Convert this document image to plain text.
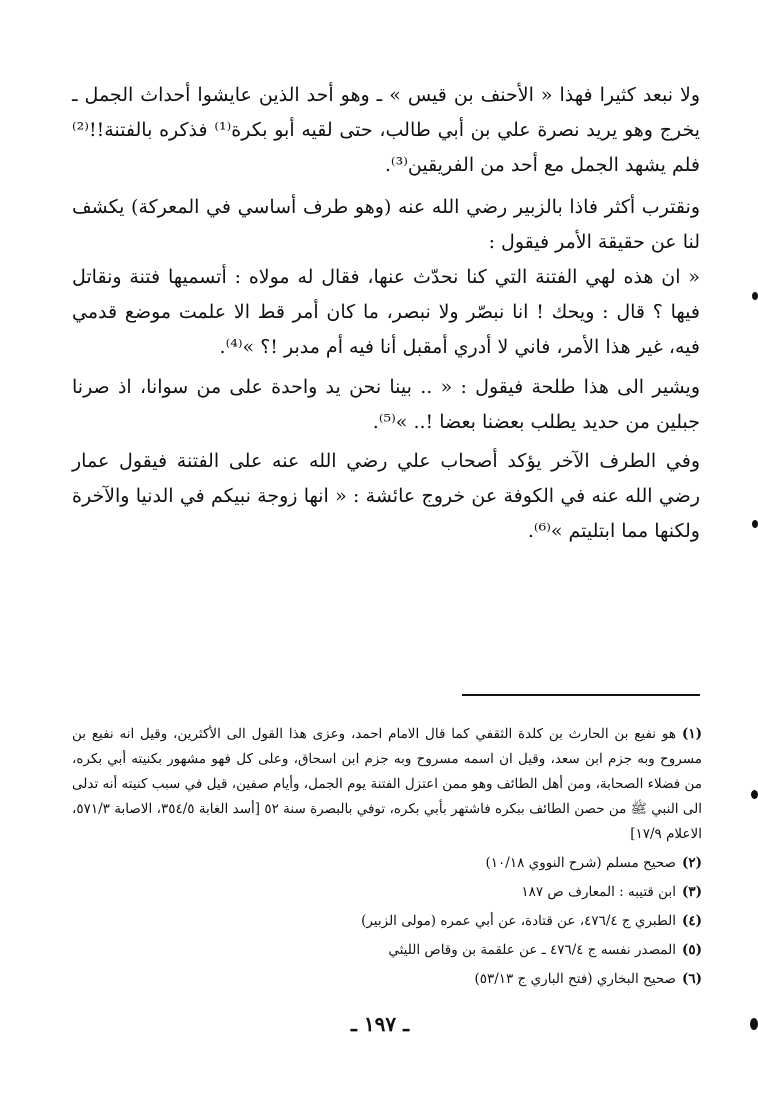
ولا نبعد كثيرا فهذا « الأحنف بن قيس » ـ وهو أحد الذين عايشوا أحداث الجمل ـ يخرج وهو يريد نصرة علي بن أبي طالب، حتى لقيه أبو بكرة⁽¹⁾ فذكره بالفتنة!!⁽²⁾ فلم يشهد الجمل مع أحد من الفريقين⁽³⁾.

ونقترب أكثر فاذا بالزبير رضي الله عنه (وهو طرف أساسي في المعركة) يكشف لنا عن حقيقة الأمر فيقول :

« ان هذه لهي الفتنة التي كنا نحدّث عنها، فقال له مولاه : أتسميها فتنة ونقاتل فيها ؟ قال : ويحك ! انا نبصّر ولا نبصر، ما كان أمر قط الا علمت موضع قدمي فيه، غير هذا الأمر، فاني لا أدري أمقبل أنا فيه أم مدبر !؟ »⁽⁴⁾.

ويشير الى هذا طلحة فيقول : « .. بينا نحن يد واحدة على من سوانا، اذ صرنا جبلين من حديد يطلب بعضنا بعضا !.. »⁽⁵⁾.

وفي الطرف الآخر يؤكد أصحاب علي رضي الله عنه على الفتنة فيقول عمار رضي الله عنه في الكوفة عن خروج عائشة : « انها زوجة نبيكم في الدنيا والآخرة ولكنها مما ابتليتم »⁽⁶⁾.

(١)هو نفيع بن الحارث بن كلدة الثقفي كما قال الامام احمد، وعزى هذا القول الى الأكثرين، وقيل انه نفيع بن مسروح وبه جزم ابن سعد، وقيل ان اسمه مسروح وبه جزم ابن اسحاق، وعلى كل فهو مشهور بكنيته أبي بكره، من فضلاء الصحابة، ومن أهل الطائف وهو ممن اعتزل الفتنة يوم الجمل، وأيام صفين، قيل في سبب كنيته أنه تدلى الى النبي ﷺ من حصن الطائف ببكره فاشتهر بأبي بكره، توفي بالبصرة سنة ٥٢ [أسد الغابة ٣٥٤/٥، الاصابة ٥٧١/٣، الاعلام ١٧/٩]
(٢)صحيح مسلم (شرح النووي ١٠/١٨)
(٣)ابن قتيبه : المعارف ص ١٨٧
(٤)الطبري ج ٤٧٦/٤، عن قتادة، عن أبي عمره (مولى الزبير)
(٥)المصدر نفسه ج ٤٧٦/٤ ـ عن علقمة بن وقاص الليثي
(٦)صحيح البخاري (فتح الباري ج ٥٣/١٣)
ـ ١٩٧ ـ
